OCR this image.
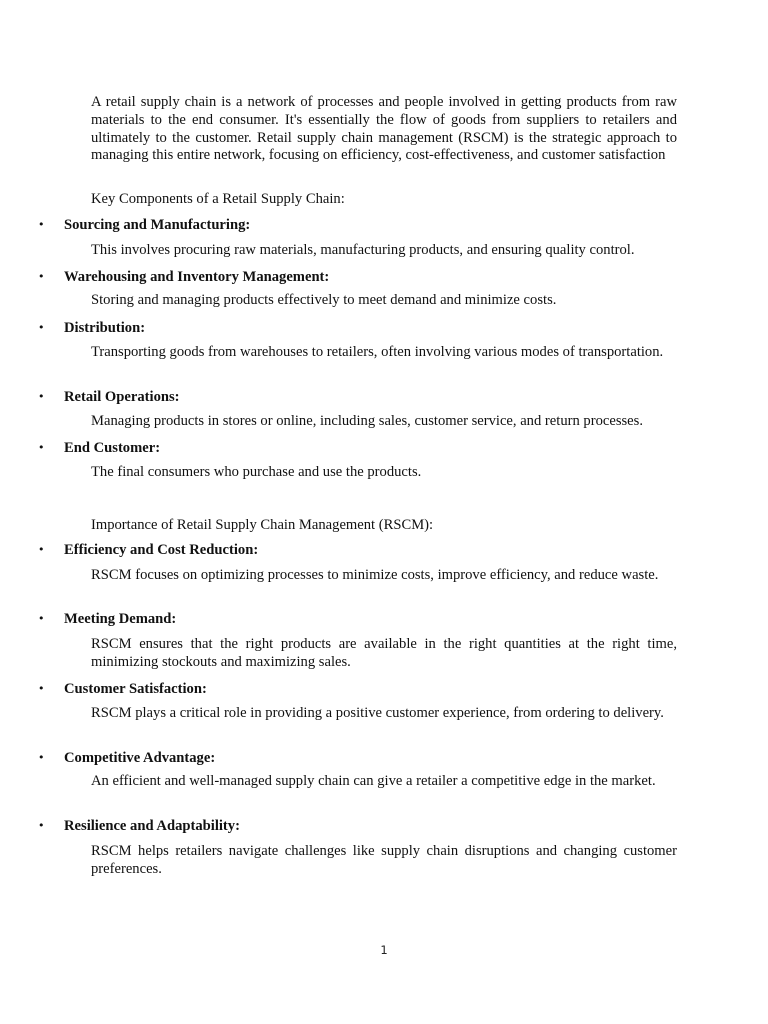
A retail supply chain is a network of processes and people involved in getting products from raw materials to the end consumer. It's essentially the flow of goods from suppliers to retailers and ultimately to the customer. Retail supply chain management (RSCM) is the strategic approach to managing this entire network, focusing on efficiency, cost-effectiveness, and customer satisfaction

Key Components of a Retail Supply Chain:

• Sourcing and Manufacturing:

This involves procuring raw materials, manufacturing products, and ensuring quality control.

• Warehousing and Inventory Management:

Storing and managing products effectively to meet demand and minimize costs.

• Distribution:

Transporting goods from warehouses to retailers, often involving various modes of transportation.

• Retail Operations:

Managing products in stores or online, including sales, customer service, and return processes.

• End Customer:

The final consumers who purchase and use the products.

Importance of Retail Supply Chain Management (RSCM):

• Efficiency and Cost Reduction:

RSCM focuses on optimizing processes to minimize costs, improve efficiency, and reduce waste.

• Meeting Demand:

RSCM ensures that the right products are available in the right quantities at the right time, minimizing stockouts and maximizing sales.

• Customer Satisfaction:

RSCM plays a critical role in providing a positive customer experience, from ordering to delivery.

• Competitive Advantage:

An efficient and well-managed supply chain can give a retailer a competitive edge in the market.

• Resilience and Adaptability:

RSCM helps retailers navigate challenges like supply chain disruptions and changing customer preferences.

1
